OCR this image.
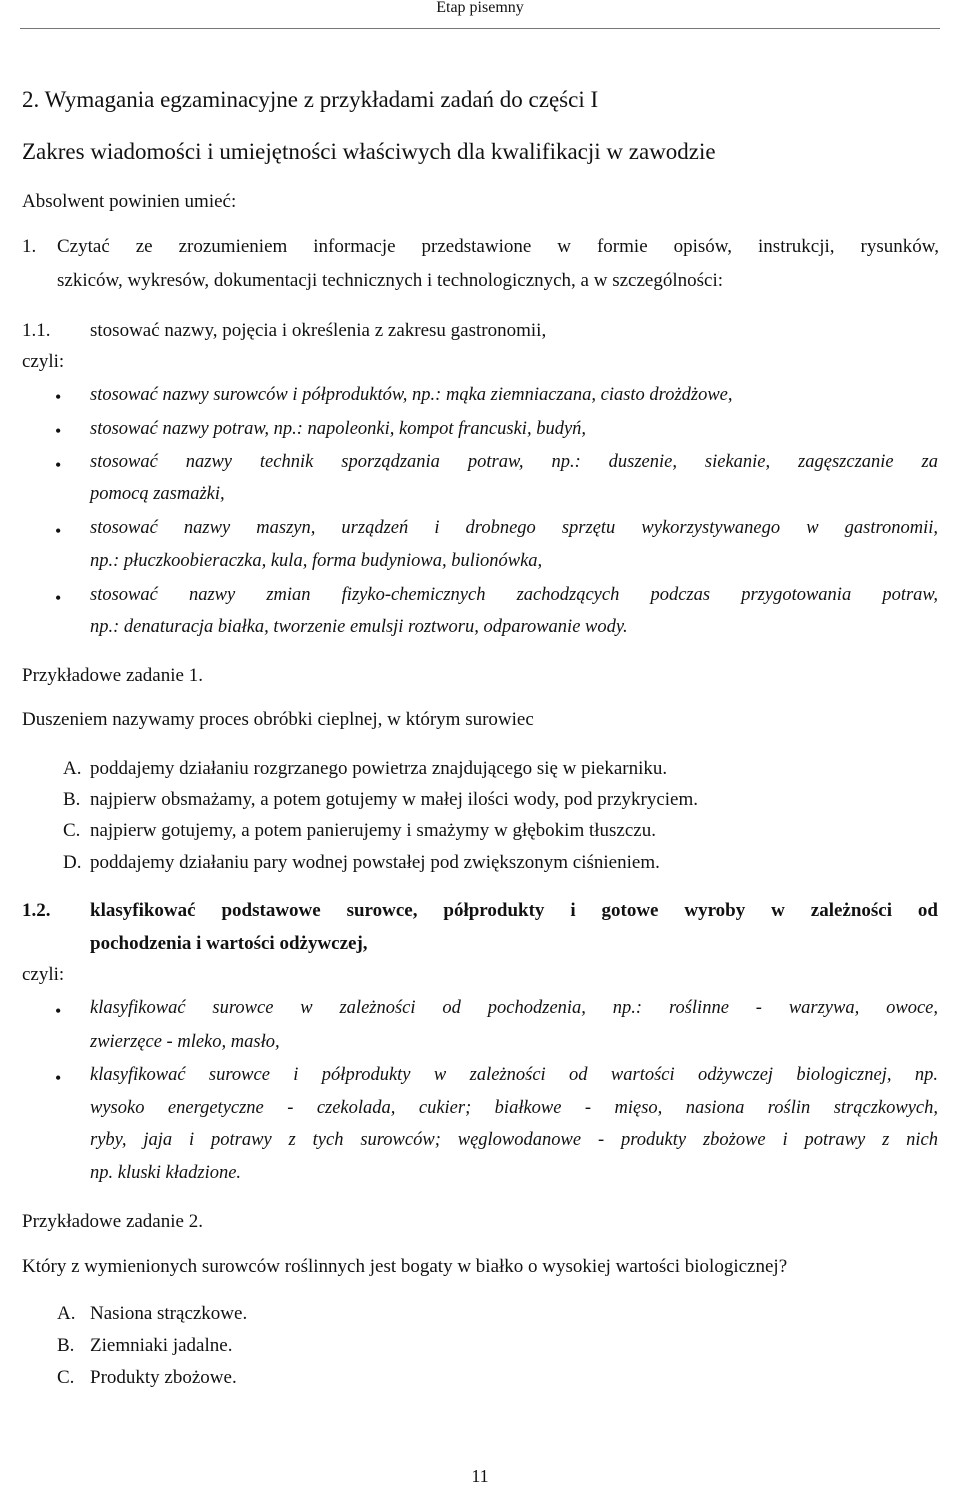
Etap pisemny
2. Wymagania egzaminacyjne z przykładami zadań do części I
Zakres wiadomości i umiejętności właściwych dla kwalifikacji w zawodzie
Absolwent powinien umieć:
1. Czytać ze zrozumieniem informacje przedstawione w formie opisów, instrukcji, rysunków,
szkiców, wykresów, dokumentacji technicznych i technologicznych, a w szczególności:
1.1. stosować nazwy, pojęcia i określenia z zakresu gastronomii,
czyli:
• stosować nazwy surowców i półproduktów, np.: mąka ziemniaczana, ciasto drożdżowe,
• stosować nazwy potraw, np.: napoleonki, kompot francuski, budyń,
• stosować nazwy technik sporządzania potraw, np.: duszenie, siekanie, zagęszczanie za
pomocą zasmażki,
• stosować nazwy maszyn, urządzeń i drobnego sprzętu wykorzystywanego w gastronomii,
np.: płuczkoobieraczka, kula, forma budyniowa, bulionówka,
• stosować nazwy zmian fizyko-chemicznych zachodzących podczas przygotowania potraw,
np.: denaturacja białka, tworzenie emulsji roztworu, odparowanie wody.
Przykładowe zadanie 1.
Duszeniem nazywamy proces obróbki cieplnej, w którym surowiec
A. poddajemy działaniu rozgrzanego powietrza znajdującego się w piekarniku.
B. najpierw obsmażamy, a potem gotujemy w małej ilości wody, pod przykryciem.
C. najpierw gotujemy, a potem panierujemy i smażymy w głębokim tłuszczu.
D. poddajemy działaniu pary wodnej powstałej pod zwiększonym ciśnieniem.
1.2. klasyfikować podstawowe surowce, półprodukty i gotowe wyroby w zależności od
pochodzenia i wartości odżywczej,
czyli:
• klasyfikować surowce w zależności od pochodzenia, np.: roślinne - warzywa, owoce,
zwierzęce - mleko, masło,
• klasyfikować surowce i półprodukty w zależności od wartości odżywczej biologicznej, np.
wysoko energetyczne - czekolada, cukier; białkowe - mięso, nasiona roślin strączkowych,
ryby, jaja i potrawy z tych surowców; węglowodanowe - produkty zbożowe i potrawy z nich
np. kluski kładzione.
Przykładowe zadanie 2.
Który z wymienionych surowców roślinnych jest bogaty w białko o wysokiej wartości biologicznej?
A. Nasiona strączkowe.
B. Ziemniaki jadalne.
C. Produkty zbożowe.
11
